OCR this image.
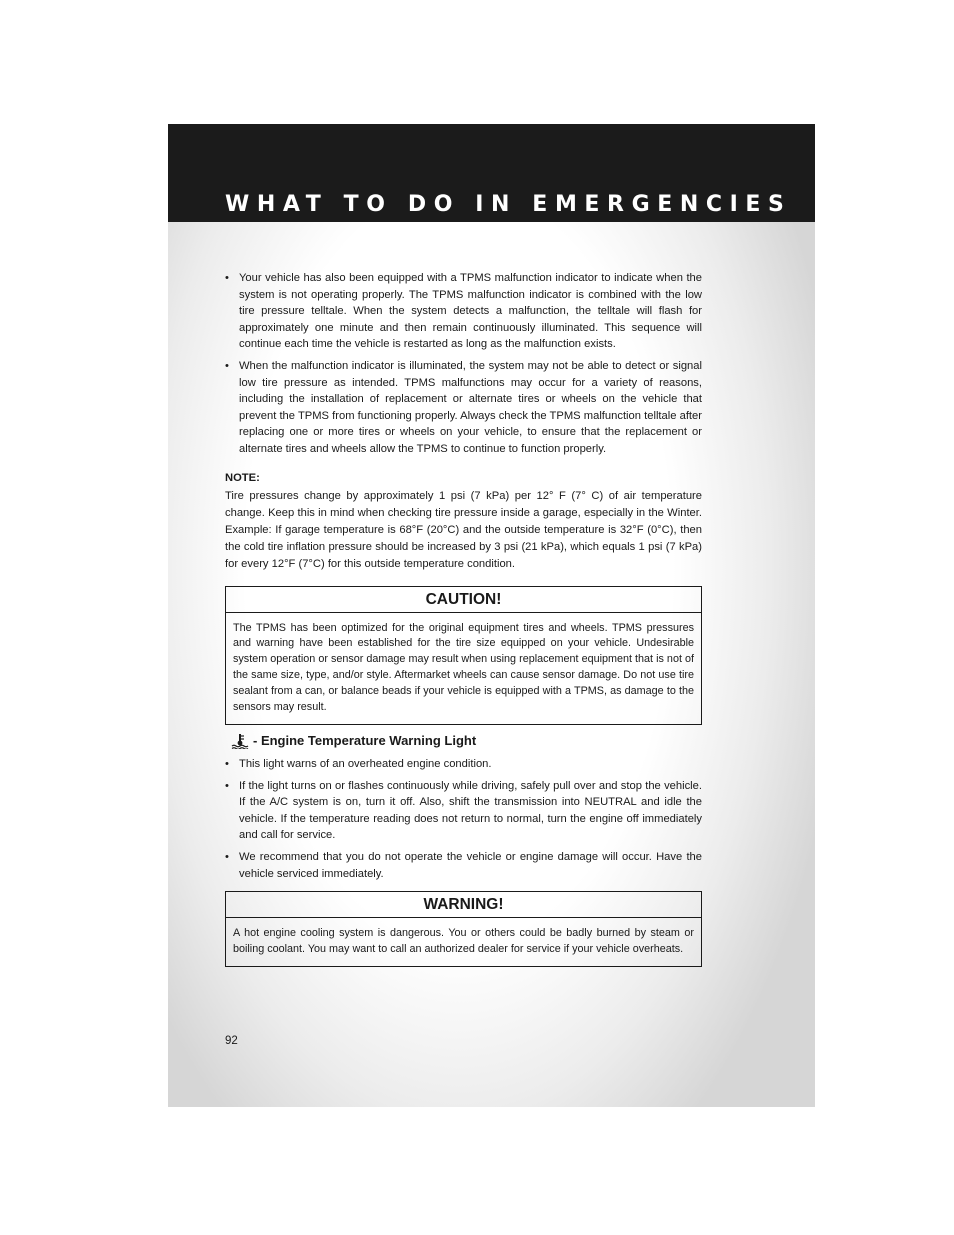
WHAT TO DO IN EMERGENCIES
• Your vehicle has also been equipped with a TPMS malfunction indicator to indicate when the system is not operating properly. The TPMS malfunction indicator is combined with the low tire pressure telltale. When the system detects a malfunction, the telltale will flash for approximately one minute and then remain continuously illuminated. This sequence will continue each time the vehicle is restarted as long as the malfunction exists.
• When the malfunction indicator is illuminated, the system may not be able to detect or signal low tire pressure as intended. TPMS malfunctions may occur for a variety of reasons, including the installation of replacement or alternate tires or wheels on the vehicle that prevent the TPMS from functioning properly. Always check the TPMS malfunction telltale after replacing one or more tires or wheels on your vehicle, to ensure that the replacement or alternate tires and wheels allow the TPMS to continue to function properly.
NOTE:

Tire pressures change by approximately 1 psi (7 kPa) per 12° F (7° C) of air temperature change. Keep this in mind when checking tire pressure inside a garage, especially in the Winter. Example: If garage temperature is 68°F (20°C) and the outside temperature is 32°F (0°C), then the cold tire inflation pressure should be increased by 3 psi (21 kPa), which equals 1 psi (7 kPa) for every 12°F (7°C) for this outside temperature condition.

CAUTION!
The TPMS has been optimized for the original equipment tires and wheels. TPMS pressures and warning have been established for the tire size equipped on your vehicle. Undesirable system operation or sensor damage may result when using replacement equipment that is not of the same size, type, and/or style. Aftermarket wheels can cause sensor damage. Do not use tire sealant from a can, or balance beads if your vehicle is equipped with a TPMS, as damage to the sensors may result.
- Engine Temperature Warning Light
• This light warns of an overheated engine condition.
• If the light turns on or flashes continuously while driving, safely pull over and stop the vehicle. If the A/C system is on, turn it off. Also, shift the transmission into NEUTRAL and idle the vehicle. If the temperature reading does not return to normal, turn the engine off immediately and call for service.
• We recommend that you do not operate the vehicle or engine damage will occur. Have the vehicle serviced immediately.
WARNING!
A hot engine cooling system is dangerous. You or others could be badly burned by steam or boiling coolant. You may want to call an authorized dealer for service if your vehicle overheats.
92
